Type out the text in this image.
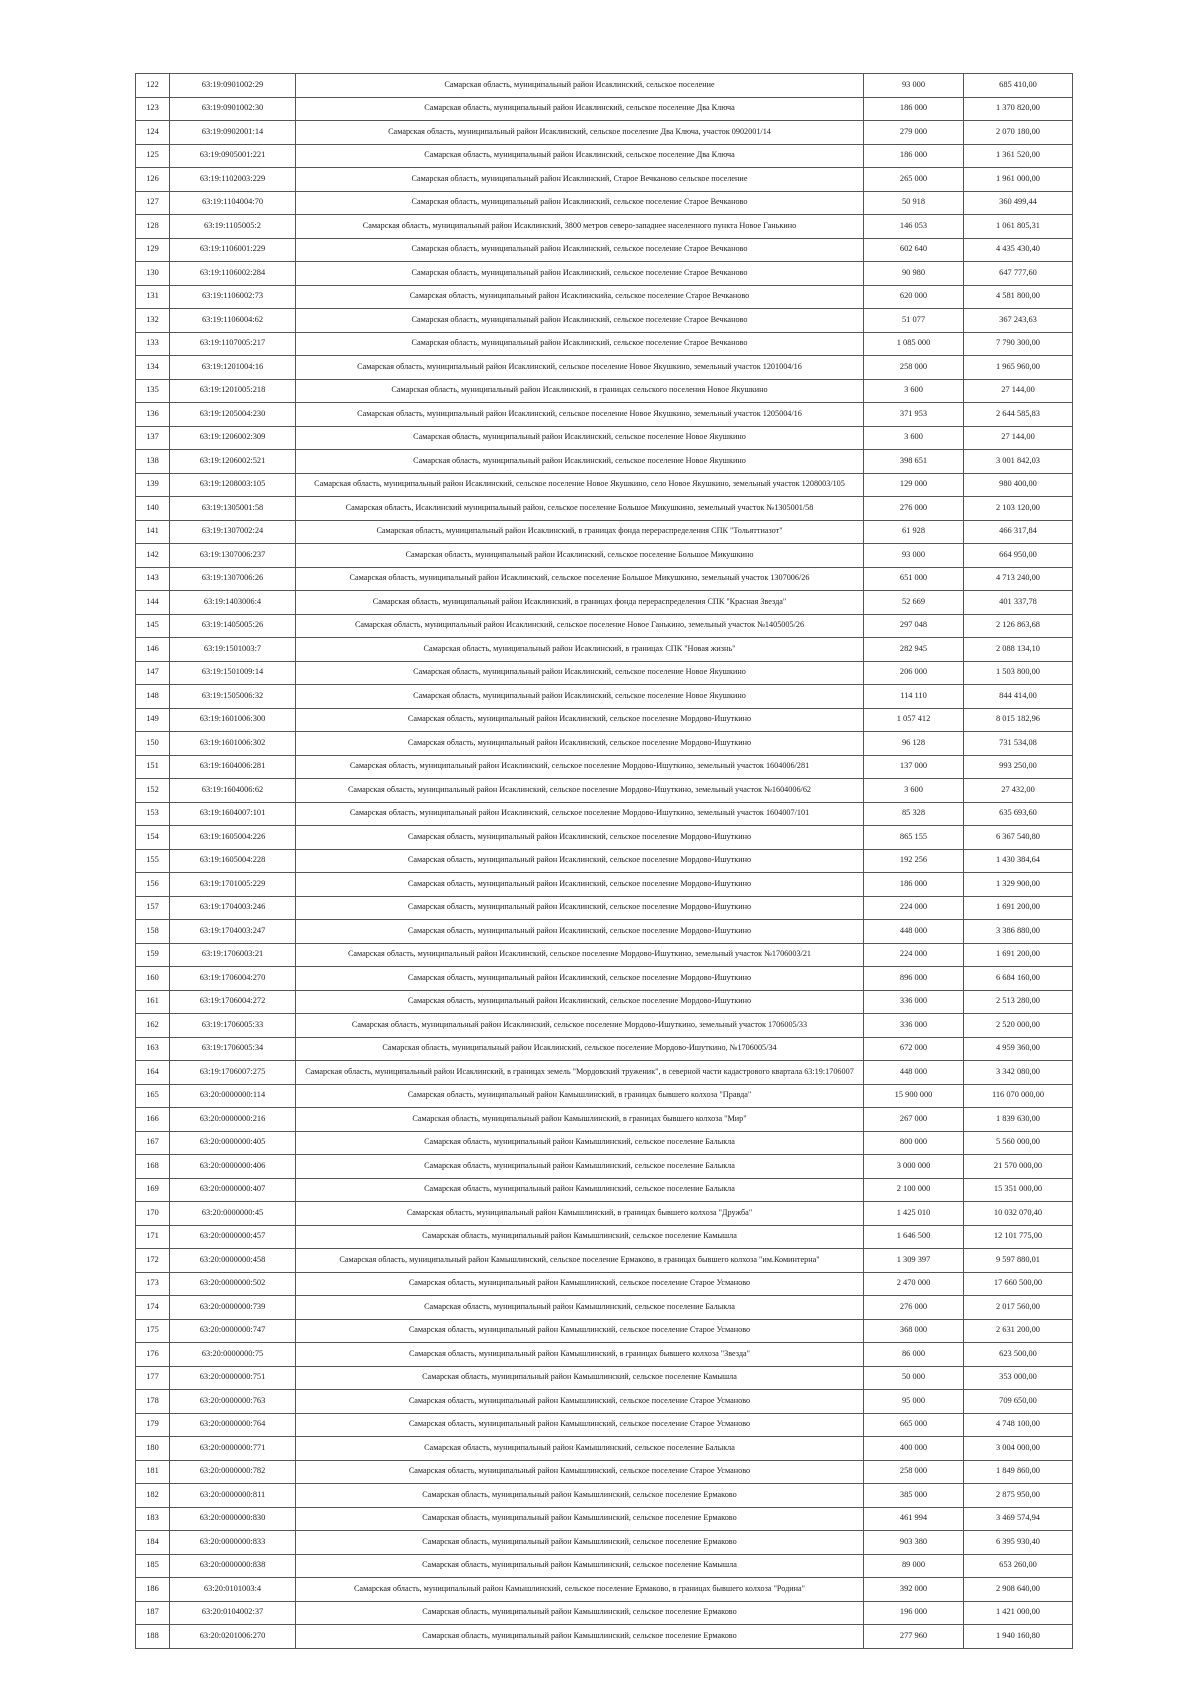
122	63:19:0901002:29	Самарская область, муниципальный район Исаклинский, сельское поселение	93 000	685 410,00
123	63:19:0901002:30	Самарская область, муниципальный район Исаклинский, сельское поселение Два Ключа	186 000	1 370 820,00
124	63:19:0902001:14	Самарская область, муниципальный район Исаклинский, сельское поселение Два Ключа, участок 0902001/14	279 000	2 070 180,00
125	63:19:0905001:221	Самарская область, муниципальный район Исаклинский, сельское поселение Два Ключа	186 000	1 361 520,00
126	63:19:1102003:229	Самарская область, муниципальный район Исаклинский, Старое Вечканово сельское поселение	265 000	1 961 000,00
127	63:19:1104004:70	Самарская область, муниципальный район Исаклинский, сельское поселение Старое Вечканово	50 918	360 499,44
128	63:19:1105005:2	Самарская область, муниципальный район Исаклинский, 3800 метров северо-западнее населенного пункта Новое Ганькино	146 053	1 061 805,31
129	63:19:1106001:229	Самарская область, муниципальный район Исаклинский, сельское поселение Старое Вечканово	602 640	4 435 430,40
130	63:19:1106002:284	Самарская область, муниципальный район Исаклинский, сельское поселение Старое Вечканово	90 980	647 777,60
131	63:19:1106002:73	Самарская область, муниципальный район Исаклинскийа, сельское поселение Старое Вечканово	620 000	4 581 800,00
132	63:19:1106004:62	Самарская область, муниципальный район Исаклинский, сельское поселение Старое Вечканово	51 077	367 243,63
133	63:19:1107005:217	Самарская область, муниципальный район Исаклинский, сельское поселение Старое Вечканово	1 085 000	7 790 300,00
134	63:19:1201004:16	Самарская область, муниципальный район Исаклинский, сельское поселение Новое Якушкино, земельный участок 1201004/16	258 000	1 965 960,00
135	63:19:1201005:218	Самарская область, муниципальный район Исаклинский, в границах сельского поселения Новое Якушкино	3 600	27 144,00
136	63:19:1205004:230	Самарская область, муниципальный район Исаклинский, сельское поселение Новое Якушкино, земельный участок 1205004/16	371 953	2 644 585,83
137	63:19:1206002:309	Самарская область, муниципальный район Исаклинский, сельское поселение Новое Якушкино	3 600	27 144,00
138	63:19:1206002:521	Самарская область, муниципальный район Исаклинский, сельское поселение Новое Якушкино	398 651	3 001 842,03
139	63:19:1208003:105	Самарская область, муниципальный район Исаклинский, сельское поселение Новое Якушкино, село Новое Якушкино, земельный участок 1208003/105	129 000	980 400,00
140	63:19:1305001:58	Самарская область, Исаклинский муниципальный район, сельское поселение Большое Микушкино, земельный участок №1305001/58	276 000	2 103 120,00
141	63:19:1307002:24	Самарская область, муниципальный район Исаклинский, в границах фонда перераспределения СПК "Тольяттиазот"	61 928	466 317,84
142	63:19:1307006:237	Самарская область, муниципальный район Исаклинский, сельское поселение Большое Микушкино	93 000	664 950,00
143	63:19:1307006:26	Самарская область, муниципальный район Исаклинский, сельское поселение Большое Микушкино, земельный участок 1307006/26	651 000	4 713 240,00
144	63:19:1403006:4	Самарская область, муниципальный район Исаклинский, в границах фонда перераспределения СПК "Красная Звезда"	52 669	401 337,78
145	63:19:1405005:26	Самарская область, муниципальный район Исаклинский, сельское поселение Новое Ганькино, земельный участок №1405005/26	297 048	2 126 863,68
146	63:19:1501003:7	Самарская область, муниципальный район Исаклинский, в границах СПК "Новая жизнь"	282 945	2 088 134,10
147	63:19:1501009:14	Самарская область, муниципальный район Исаклинский, сельское поселение Новое Якушкино	206 000	1 503 800,00
148	63:19:1505006:32	Самарская область, муниципальный район Исаклинский, сельское поселение Новое Якушкино	114 110	844 414,00
149	63:19:1601006:300	Самарская область, муниципальный район Исаклинский, сельское поселение Мордово-Ишуткино	1 057 412	8 015 182,96
150	63:19:1601006:302	Самарская область, муниципальный район Исаклинский, сельское поселение Мордово-Ишуткино	96 128	731 534,08
151	63:19:1604006:281	Самарская область, муниципальный район Исаклинский, сельское поселение Мордово-Ишуткино, земельный участок 1604006/281	137 000	993 250,00
152	63:19:1604006:62	Самарская область, муниципальный район Исаклинский, сельское поселение Мордово-Ишуткино, земельный участок №1604006/62	3 600	27 432,00
153	63:19:1604007:101	Самарская область, муниципальный район Исаклинский, сельское поселение Мордово-Ишуткино, земельный участок 1604007/101	85 328	635 693,60
154	63:19:1605004:226	Самарская область, муниципальный район Исаклинский, сельское поселение Мордово-Ишуткино	865 155	6 367 540,80
155	63:19:1605004:228	Самарская область, муниципальный район Исаклинский, сельское поселение Мордово-Ишуткино	192 256	1 430 384,64
156	63:19:1701005:229	Самарская область, муниципальный район Исаклинский, сельское поселение Мордово-Ишуткино	186 000	1 329 900,00
157	63:19:1704003:246	Самарская область, муниципальный район Исаклинский, сельское поселение Мордово-Ишуткино	224 000	1 691 200,00
158	63:19:1704003:247	Самарская область, муниципальный район Исаклинский, сельское поселение Мордово-Ишуткино	448 000	3 386 880,00
159	63:19:1706003:21	Самарская область, муниципальный район Исаклинский, сельское поселение Мордово-Ишуткино, земельный участок №1706003/21	224 000	1 691 200,00
160	63:19:1706004:270	Самарская область, муниципальный район Исаклинский, сельское поселение Мордово-Ишуткино	896 000	6 684 160,00
161	63:19:1706004:272	Самарская область, муниципальный район Исаклинский, сельское поселение Мордово-Ишуткино	336 000	2 513 280,00
162	63:19:1706005:33	Самарская область, муниципальный район Исаклинский, сельское поселение Мордово-Ишуткино, земельный участок 1706005/33	336 000	2 520 000,00
163	63:19:1706005:34	Самарская область, муниципальный район Исаклинский, сельское поселение Мордово-Ишуткино, №1706005/34	672 000	4 959 360,00
164	63:19:1706007:275	Самарская область, муниципальный район Исаклинский, в границах земель "Мордовский труженик", в северной части кадастрового квартала 63:19:1706007	448 000	3 342 080,00
165	63:20:0000000:114	Самарская область, муниципальный район Камышлинский, в границах бывшего колхоза "Правда"	15 900 000	116 070 000,00
166	63:20:0000000:216	Самарская область, муниципальный район Камышлинский, в границах бывшего колхоза "Мир"	267 000	1 839 630,00
167	63:20:0000000:405	Самарская область, муниципальный район Камышлинский, сельское поселение Балыкла	800 000	5 560 000,00
168	63:20:0000000:406	Самарская область, муниципальный район Камышлинский, сельское поселение Балыкла	3 000 000	21 570 000,00
169	63:20:0000000:407	Самарская область, муниципальный район Камышлинский, сельское поселение Балыкла	2 100 000	15 351 000,00
170	63:20:0000000:45	Самарская область, муниципальный район Камышлинский, в границах бывшего колхоза "Дружба"	1 425 010	10 032 070,40
171	63:20:0000000:457	Самарская область, муниципальный район Камышлинский, сельское поселение Камышла	1 646 500	12 101 775,00
172	63:20:0000000:458	Самарская область, муниципальный район Камышлинский, сельское поселение Ермаково, в границах бывшего колхоза "им.Коминтерна"	1 309 397	9 597 880,01
173	63:20:0000000:502	Самарская область, муниципальный район Камышлинский, сельское поселение Старое Усманово	2 470 000	17 660 500,00
174	63:20:0000000:739	Самарская область, муниципальный район Камышлинский, сельское поселение Балыкла	276 000	2 017 560,00
175	63:20:0000000:747	Самарская область, муниципальный район Камышлинский, сельское поселение Старое Усманово	368 000	2 631 200,00
176	63:20:0000000:75	Самарская область, муниципальный район Камышлинский, в границах бывшего колхоза "Звезда"	86 000	623 500,00
177	63:20:0000000:751	Самарская область, муниципальный район Камышлинский, сельское поселение Камышла	50 000	353 000,00
178	63:20:0000000:763	Самарская область, муниципальный район Камышлинский, сельское поселение Старое Усманово	95 000	709 650,00
179	63:20:0000000:764	Самарская область, муниципальный район Камышлинский, сельское поселение Старое Усманово	665 000	4 748 100,00
180	63:20:0000000:771	Самарская область, муниципальный район Камышлинский, сельское поселение Балыкла	400 000	3 004 000,00
181	63:20:0000000:782	Самарская область, муниципальный район Камышлинский, сельское поселение Старое Усманово	258 000	1 849 860,00
182	63:20:0000000:811	Самарская область, муниципальный район Камышлинский, сельское поселение Ермаково	385 000	2 875 950,00
183	63:20:0000000:830	Самарская область, муниципальный район Камышлинский, сельское поселение Ермаково	461 994	3 469 574,94
184	63:20:0000000:833	Самарская область, муниципальный район Камышлинский, сельское поселение Ермаково	903 380	6 395 930,40
185	63:20:0000000:838	Самарская область, муниципальный район Камышлинский, сельское поселение Камышла	89 000	653 260,00
186	63:20:0101003:4	Самарская область, муниципальный район Камышлинский, сельское поселение Ермаково, в границах бывшего колхоза "Родина"	392 000	2 908 640,00
187	63:20:0104002:37	Самарская область, муниципальный район Камышлинский, сельское поселение Ермаково	196 000	1 421 000,00
188	63:20:0201006:270	Самарская область, муниципальный район Камышлинский, сельское поселение Ермаково	277 960	1 940 160,80
